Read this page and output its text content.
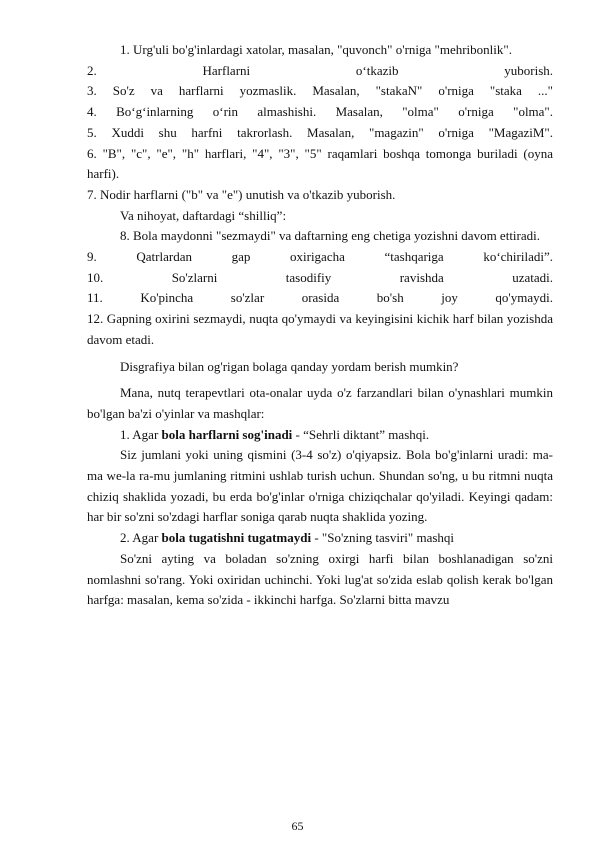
1. Urg'uli bo'g'inlardagi xatolar, masalan, "quvonch" o'rniga "mehribonlik".

2. Harflarni o‘tkazib yuborish.

3. So'z va harflarni yozmaslik. Masalan, "stakaN" o'rniga "staka ..."

4. Bo‘g‘inlarning o‘rin almashishi. Masalan, "olma" o'rniga "olma".

5. Xuddi shu harfni takrorlash. Masalan, "magazin" o'rniga "MagaziM".

6. "B", "c", "e", "h" harflari, "4", "3", "5" raqamlari boshqa tomonga buriladi (oyna harfi).

7. Nodir harflarni ("b" va "e") unutish va o'tkazib yuborish.

Va nihoyat, daftardagi “shilliq”:

8. Bola maydonni "sezmaydi" va daftarning eng chetiga yozishni davom ettiradi.

9. Qatrlardan gap oxirigacha “tashqariga ko‘chiriladi”.

10. So'zlarni tasodifiy ravishda uzatadi.

11. Ko'pincha so'zlar orasida bo'sh joy qo'ymaydi.

12. Gapning oxirini sezmaydi, nuqta qo'ymaydi va keyingisini kichik harf bilan yozishda davom etadi.

Disgrafiya bilan og'rigan bolaga qanday yordam berish mumkin?

Mana, nutq terapevtlari ota-onalar uyda o'z farzandlari bilan o'ynashlari mumkin bo'lgan ba'zi o'yinlar va mashqlar:

1. Agar bola harflarni sog'inadi - “Sehrli diktant” mashqi.

Siz jumlani yoki uning qismini (3-4 so'z) o'qiyapsiz. Bola bo'g'inlarni uradi: ma-ma we-la ra-mu jumlaning ritmini ushlab turish uchun. Shundan so'ng, u bu ritmni nuqta chiziq shaklida yozadi, bu erda bo'g'inlar o'rniga chiziqchalar qo'yiladi. Keyingi qadam: har bir so'zni so'zdagi harflar soniga qarab nuqta shaklida yozing.

2. Agar bola tugatishni tugatmaydi - "So'zning tasviri" mashqi

So'zni ayting va boladan so'zning oxirgi harfi bilan boshlanadigan so'zni nomlashni so'rang. Yoki oxiridan uchinchi. Yoki lug'at so'zida eslab qolish kerak bo'lgan harfga: masalan, kema so'zida - ikkinchi harfga. So'zlarni bitta mavzu

65
